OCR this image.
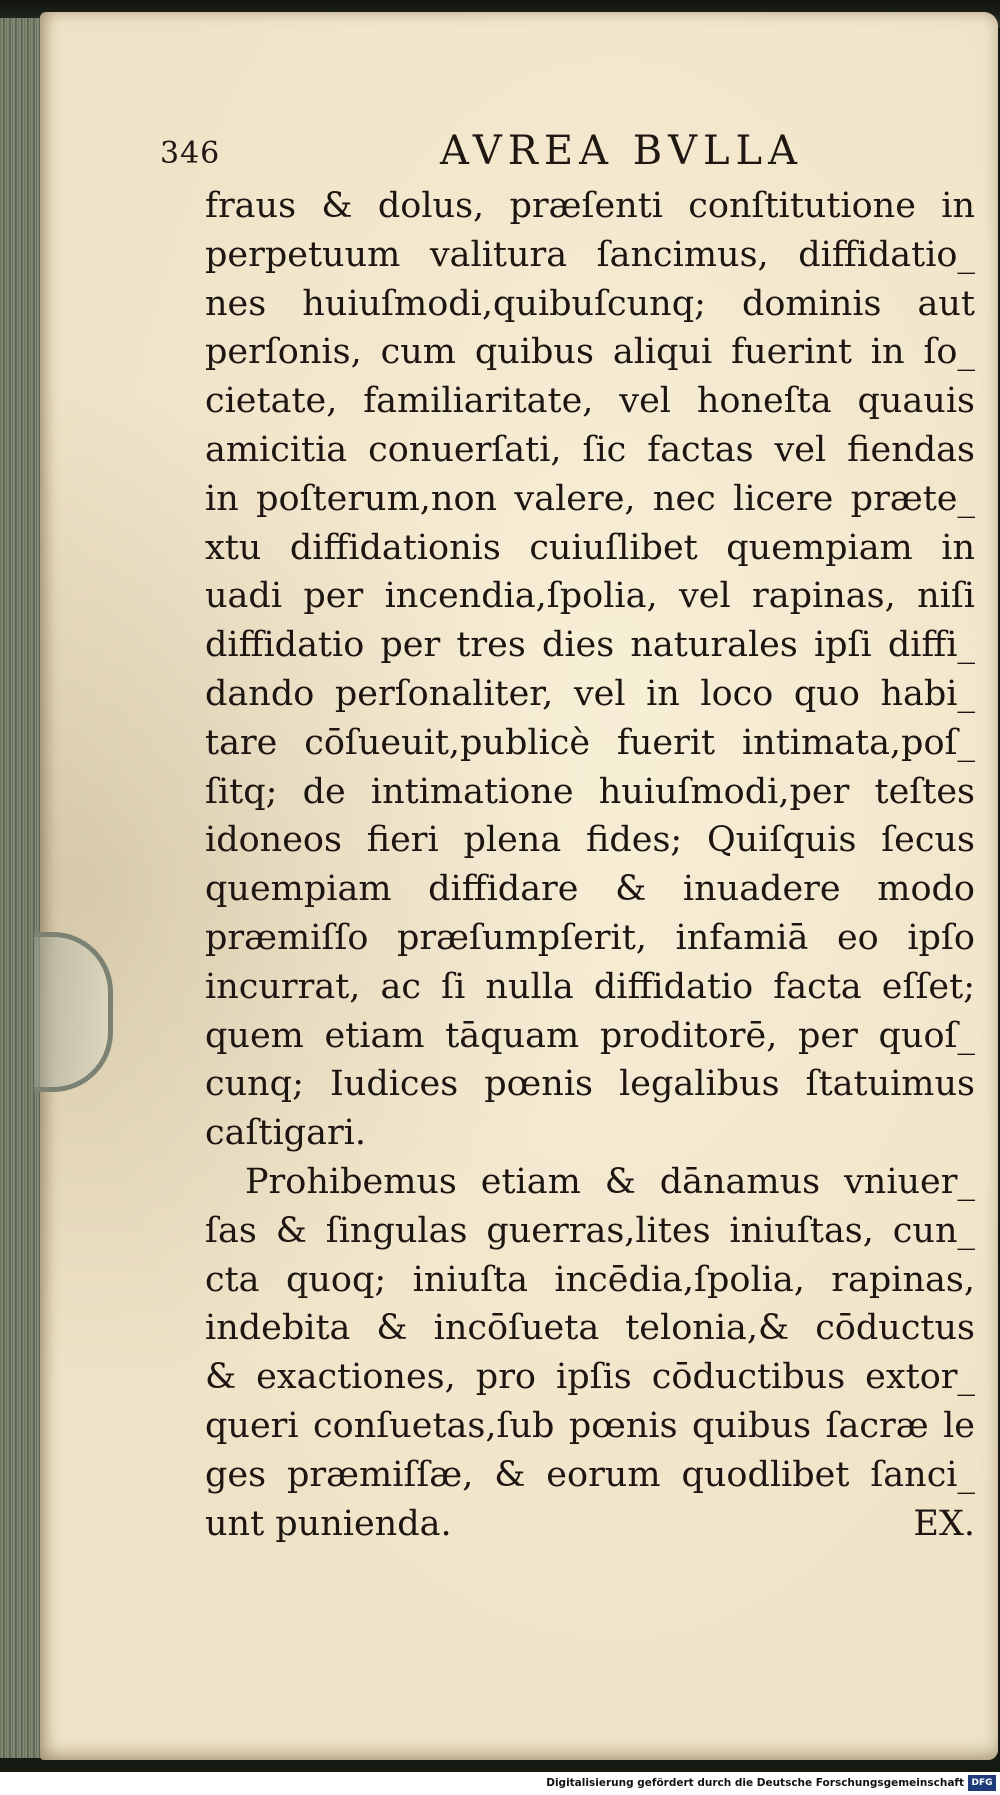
346	AVREA BVLLA
fraus & dolus, præſenti conſtitutione in
perpetuum valitura ſancimus, diffidatio_
nes huiuſmodi,quibuſcunq; dominis aut
perſonis, cum quibus aliqui fuerint in ſo_
cietate, familiaritate, vel honeſta quauis
amicitia conuerſati, ſic factas vel fiendas
in poſterum,non valere, nec licere præte_
xtu diffidationis cuiuſlibet quempiam in
uadi per incendia,ſpolia, vel rapinas, niſi
diffidatio per tres dies naturales ipſi diffi_
dando perſonaliter, vel in loco quo habi_
tare cōſueuit,publicè fuerit intimata,poſ_
ſitq; de intimatione huiuſmodi,per teſtes
idoneos fieri plena fides; Quiſquis ſecus
quempiam diffidare & inuadere modo
præmiſſo præſumpſerit, infamiā eo ipſo
incurrat, ac ſi nulla diffidatio facta eſſet;
quem etiam tāquam proditorē, per quoſ_
cunq; Iudices pœnis legalibus ſtatuimus
caſtigari.
Prohibemus etiam & dānamus vniuer_
ſas & ſingulas guerras,lites iniuſtas, cun_
cta quoq; iniuſta incēdia,ſpolia, rapinas,
indebita & incōſueta telonia,& cōductus
& exactiones, pro ipſis cōductibus extor_
queri conſuetas,ſub pœnis quibus ſacræ le
ges præmiſſæ, & eorum quodlibet ſanci_
unt punienda.	EX.
Digitalisierung gefördert durch die Deutsche Forschungsgemeinschaft DFG
